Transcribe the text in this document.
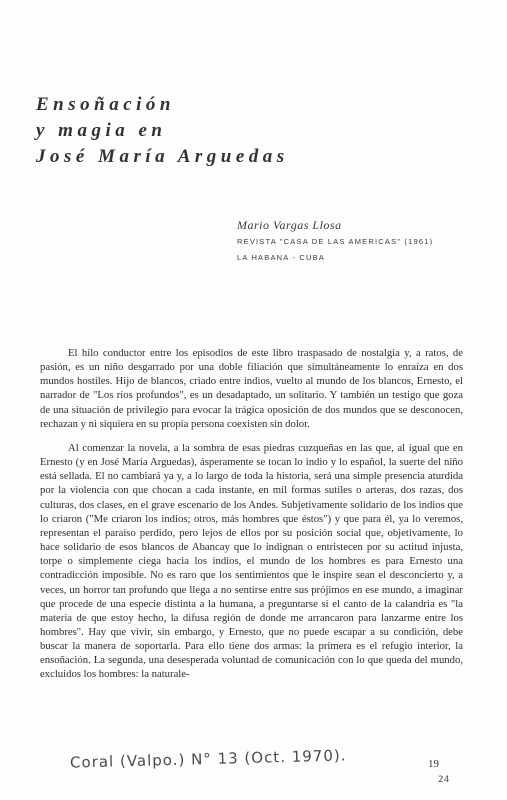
Ensoñación
y magia en
José María Arguedas
Mario Vargas Llosa
REVISTA "CASA DE LAS AMERICAS" (1961)
LA HABANA - CUBA

El hilo conductor entre los episodios de este libro traspasado de nostalgia y, a ratos, de pasión, es un niño desgarrado por una doble filiación que simultáneamente lo enraíza en dos mundos hostiles. Hijo de blancos, criado entre indios, vuelto al mundo de los blancos, Ernesto, el narrador de "Los ríos profundos", es un desadaptado, un solitario. Y también un testigo que goza de una situación de privilegio para evocar la trágica oposición de dos mundos que se desconocen, rechazan y ni siquiera en su propia persona coexisten sin dolor.

Al comenzar la novela, a la sombra de esas piedras cuzqueñas en las que, al igual que en Ernesto (y en José María Arguedas), ásperamente se tocan lo indio y lo español, la suerte del niño está sellada. El no cambiará ya y, a lo largo de toda la historia, será una simple presencia aturdida por la violencia con que chocan a cada instante, en mil formas sutiles o arteras, dos razas, dos culturas, dos clases, en el grave escenario de los Andes. Subjetivamente solidario de los indios que lo criaron ("Me criaron los indios; otros, más hombres que éstos") y que para él, ya lo veremos, representan el paraíso perdido, pero lejos de ellos por su posición social que, objetivamente, lo hace solidario de esos blancos de Abancay que lo indignan o entristecen por su actitud injusta, torpe o simplemente ciega hacia los indios, el mundo de los hombres es para Ernesto una contradicción imposible. No es raro que los sentimientos que le inspire sean el desconcierto y, a veces, un horror tan profundo que llega a no sentirse entre sus prójimos en ese mundo, a imaginar que procede de una especie distinta a la humana, a preguntarse si el canto de la calandria es "la materia de que estoy hecho, la difusa región de donde me arrancaron para lanzarme entre los hombres". Hay que vivir, sin embargo, y Ernesto, que no puede escapar a su condición, debe buscar la manera de soportarla. Para ello tiene dos armas: la primera es el refugio interior, la ensoñación. La segunda, una desesperada voluntad de comunicación con lo que queda del mundo, excluidos los hombres: la naturale-

Coral (Valpo.) N° 13 (Oct. 1970).	19
24
